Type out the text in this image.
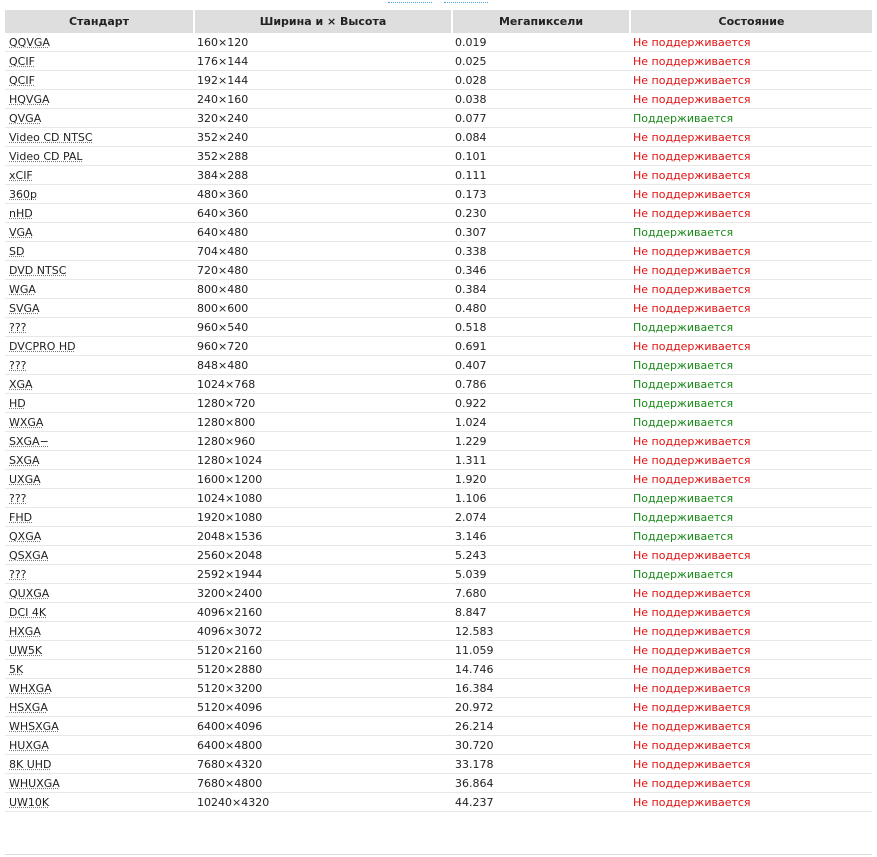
Стандарт	Ширина и × Высота	Мегапиксели	Состояние
QQVGA	160×120	0.019	Не поддерживается
QCIF	176×144	0.025	Не поддерживается
QCIF	192×144	0.028	Не поддерживается
HQVGA	240×160	0.038	Не поддерживается
QVGA	320×240	0.077	Поддерживается
Video CD NTSC	352×240	0.084	Не поддерживается
Video CD PAL	352×288	0.101	Не поддерживается
xCIF	384×288	0.111	Не поддерживается
360p	480×360	0.173	Не поддерживается
nHD	640×360	0.230	Не поддерживается
VGA	640×480	0.307	Поддерживается
SD	704×480	0.338	Не поддерживается
DVD NTSC	720×480	0.346	Не поддерживается
WGA	800×480	0.384	Не поддерживается
SVGA	800×600	0.480	Не поддерживается
???	960×540	0.518	Поддерживается
DVCPRO HD	960×720	0.691	Не поддерживается
???	848×480	0.407	Поддерживается
XGA	1024×768	0.786	Поддерживается
HD	1280×720	0.922	Поддерживается
WXGA	1280×800	1.024	Поддерживается
SXGA−	1280×960	1.229	Не поддерживается
SXGA	1280×1024	1.311	Не поддерживается
UXGA	1600×1200	1.920	Не поддерживается
???	1024×1080	1.106	Поддерживается
FHD	1920×1080	2.074	Поддерживается
QXGA	2048×1536	3.146	Поддерживается
QSXGA	2560×2048	5.243	Не поддерживается
???	2592×1944	5.039	Поддерживается
QUXGA	3200×2400	7.680	Не поддерживается
DCI 4K	4096×2160	8.847	Не поддерживается
HXGA	4096×3072	12.583	Не поддерживается
UW5K	5120×2160	11.059	Не поддерживается
5K	5120×2880	14.746	Не поддерживается
WHXGA	5120×3200	16.384	Не поддерживается
HSXGA	5120×4096	20.972	Не поддерживается
WHSXGA	6400×4096	26.214	Не поддерживается
HUXGA	6400×4800	30.720	Не поддерживается
8K UHD	7680×4320	33.178	Не поддерживается
WHUXGA	7680×4800	36.864	Не поддерживается
UW10K	10240×4320	44.237	Не поддерживается
